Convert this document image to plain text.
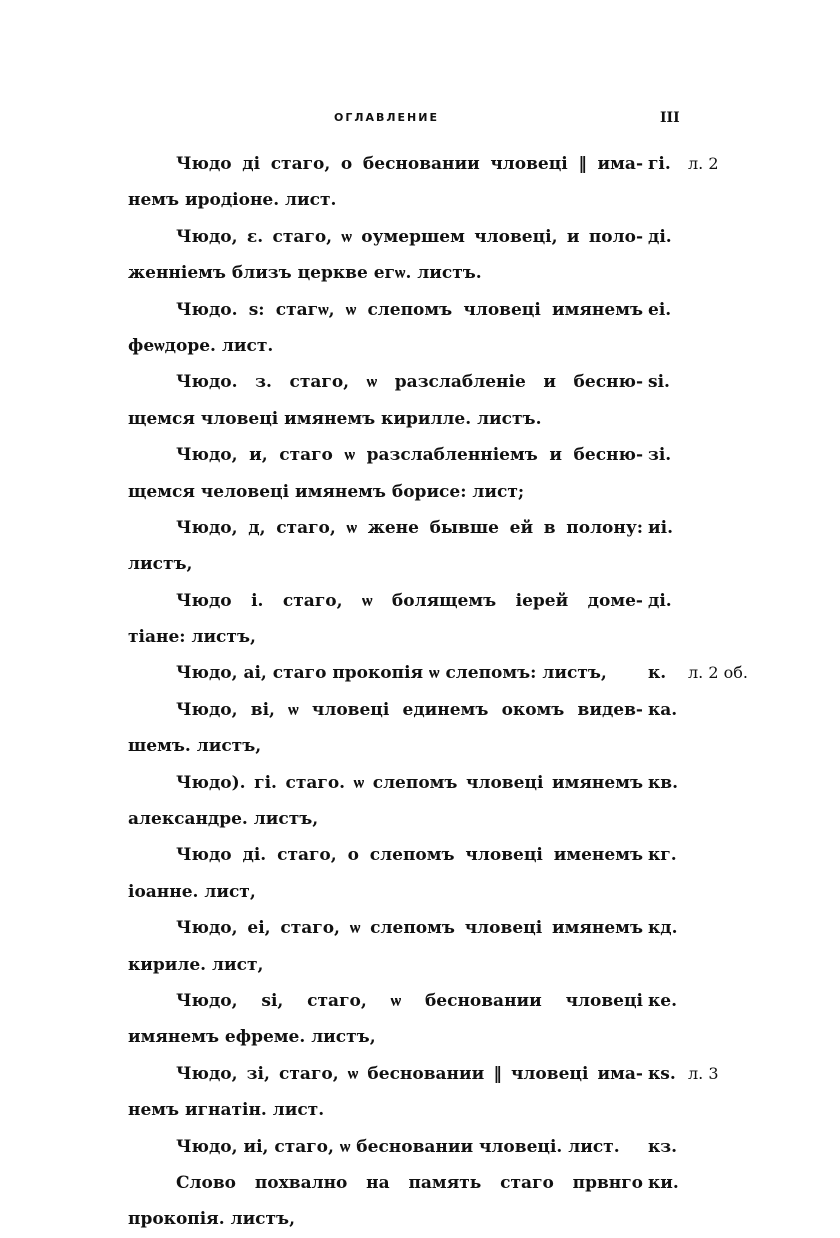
ОГЛАВЛЕНИЕ	III
Чюдо ді стаго, о бесновании чловеці ‖ има- гі.	л. 2
немъ иродіоне. лист.
Чюдо, ε. стаго, ѡ оумершем чловеці, и поло- ді.
женніемъ близъ церкве егѡ. листъ.
Чюдо. ѕ: стагѡ, ѡ слепомъ чловеці имянемъ еі.
феѡдоре. лист.
Чюдо. з. стаго, ѡ разслабленіе и бесню- ѕі.
щемся чловеці имянемъ кирилле. листъ.
Чюдо, и, стаго ѡ разслабленніемъ и бесню- зі.
щемся человеці имянемъ борисе: лист;
Чюдо, д, стаго, ѡ жене бывше ей в полону: иі.
листъ,
Чюдо і. стаго, ѡ болящемъ іерей доме- ді.
тіане: листъ,
Чюдо, аі, стаго прокопія ѡ слепомъ: листъ,	к.	л. 2 об.
Чюдо, ві, ѡ чловеці единемъ окомъ видев- ка.
шемъ. листъ,
Чюдо). гі. стаго. ѡ слепомъ чловеці имянемъ кв.
александре. листъ,
Чюдо ді. стаго, о слепомъ чловеці именемъ кг.
іоанне. лист,
Чюдо, еі, стаго, ѡ слепомъ чловеці имянемъ кд.
кириле. лист,
Чюдо, ѕі, стаго, ѡ бесновании чловеці ке.
имянемъ ефреме. листъ,
Чюдо, зі, стаго, ѡ бесновании ‖ чловеці има- кѕ. л. 3
немъ игнатін. лист.
Чюдо, иі, стаго, ѡ бесновании чловеці. лист.	кз.
Слово похвално на память стаго првнго ки.
прокопія. листъ,
